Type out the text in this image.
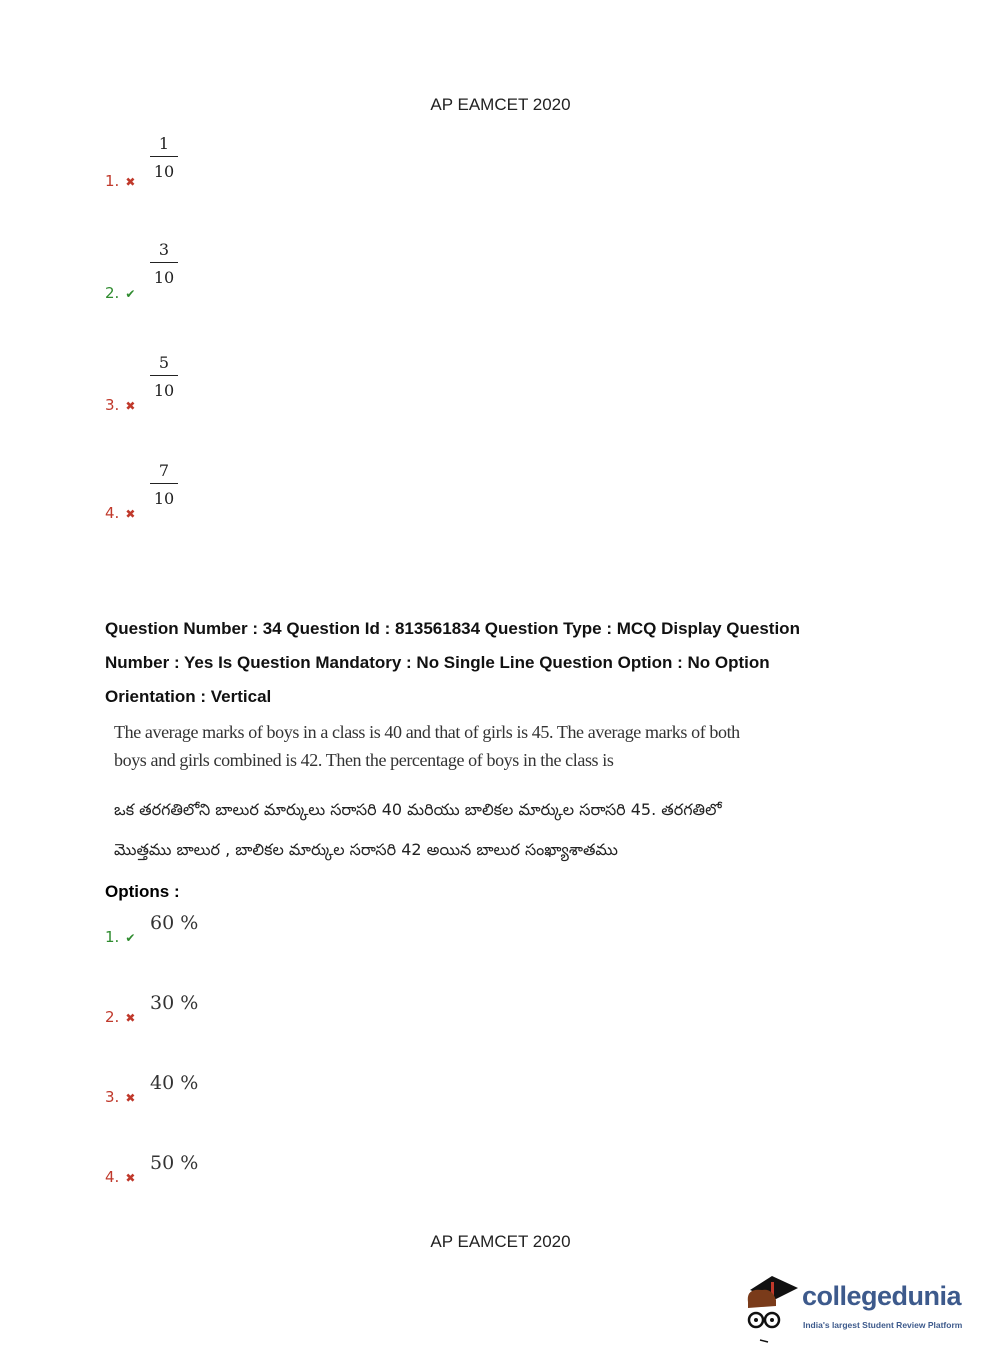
AP EAMCET 2020
1. ✖
$\frac{1}{10}$
2. ✔
$\frac{3}{10}$
3. ✖
$\frac{5}{10}$
4. ✖
$\frac{7}{10}$
Question Number : 34 Question Id : 813561834 Question Type : MCQ Display Question
Number : Yes Is Question Mandatory : No Single Line Question Option : No Option
Orientation : Vertical
The average marks of boys in a class is 40 and that of girls is 45. The average marks of both boys and girls combined is 42. Then the percentage of boys in the class is
ఒక తరగతిలోని బాలుర మార్కులు సరాసరి 40 మరియు బాలికల మార్కుల సరాసరి 45. తరగతిలో మొత్తము బాలుర , బాలికల మార్కుల సరాసరి 42 అయిన బాలుర సంఖ్యాశాతము
Options :
1. ✔
60 %
2. ✖
30 %
3. ✖
40 %
4. ✖
50 %
AP EAMCET 2020
collegedunia
India's largest Student Review Platform
